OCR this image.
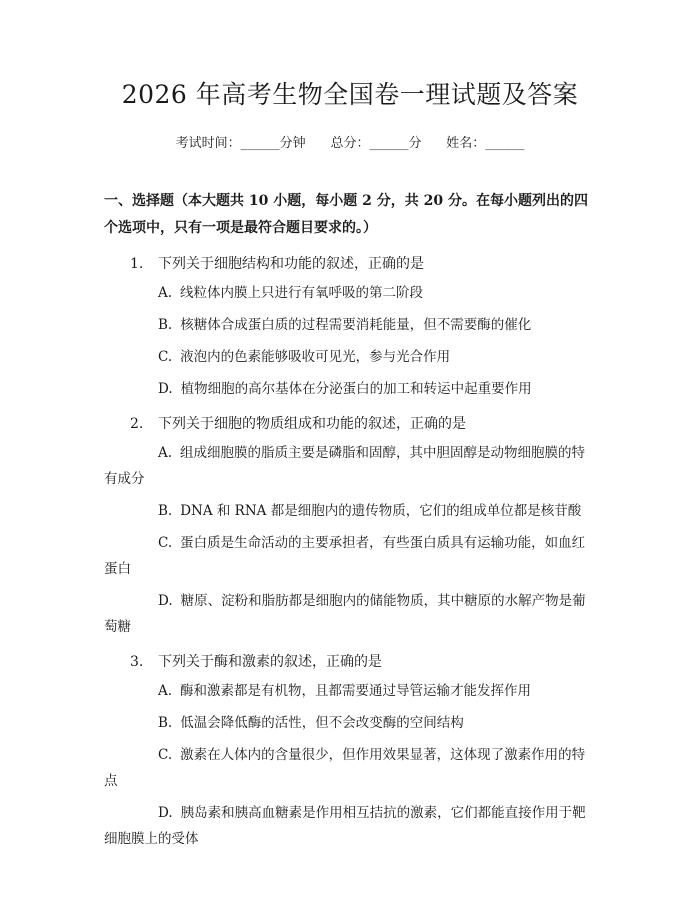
2026 年高考生物全国卷一理试题及答案
考试时间：______分钟 总分：______分 姓名：______
一、选择题（本大题共 10 小题，每小题 2 分，共 20 分。在每小题列出的四个选项中，只有一项是最符合题目要求的。）
1. 下列关于细胞结构和功能的叙述，正确的是
A. 线粒体内膜上只进行有氧呼吸的第二阶段
B. 核糖体合成蛋白质的过程需要消耗能量，但不需要酶的催化
C. 液泡内的色素能够吸收可见光，参与光合作用
D. 植物细胞的高尔基体在分泌蛋白的加工和转运中起重要作用
2. 下列关于细胞的物质组成和功能的叙述，正确的是
A. 组成细胞膜的脂质主要是磷脂和固醇，其中胆固醇是动物细胞膜的特有成分
B. DNA 和 RNA 都是细胞内的遗传物质，它们的组成单位都是核苷酸
C. 蛋白质是生命活动的主要承担者，有些蛋白质具有运输功能，如血红蛋白
D. 糖原、淀粉和脂肪都是细胞内的储能物质，其中糖原的水解产物是葡萄糖
3. 下列关于酶和激素的叙述，正确的是
A. 酶和激素都是有机物，且都需要通过导管运输才能发挥作用
B. 低温会降低酶的活性，但不会改变酶的空间结构
C. 激素在人体内的含量很少，但作用效果显著，这体现了激素作用的特点
D. 胰岛素和胰高血糖素是作用相互拮抗的激素，它们都能直接作用于靶细胞膜上的受体
